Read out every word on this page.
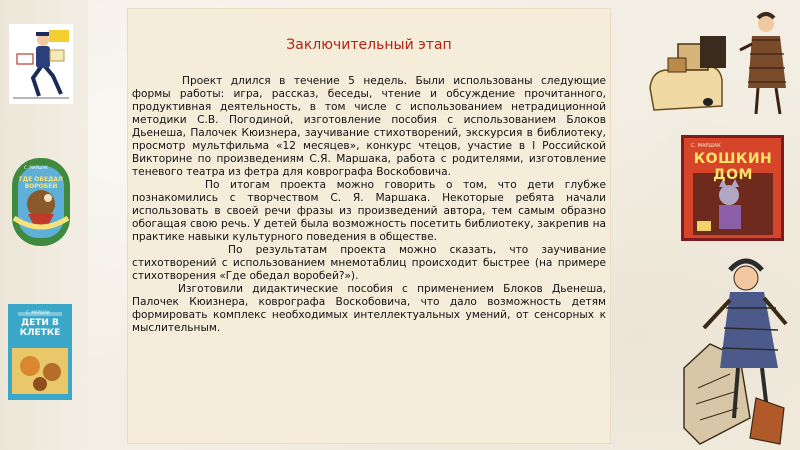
С. МАРШАК
ГДЕ ОБЕДАЛ ВОРОБЕЙ
С. МАРШАК
ДЕТИ В КЛЕТКЕ
С. МАРШАК
КОШКИН ДОМ
Заключительный этап

Проект длился в течение 5 недель. Были использованы следующие формы работы: игра, рассказ, беседы, чтение и обсуждение прочитанного, продуктивная деятельность, в том числе с использованием нетрадиционной методики С.В. Погодиной, изготовление пособия с использованием Блоков Дьенеша, Палочек Кюизнера, заучивание стихотворений, экскурсия в библиотеку, просмотр мультфильма «12 месяцев», конкурс чтецов, участие в I Российской Викторине по произведениям С.Я. Маршака, работа с родителями, изготовление теневого театра из фетра для коврографа Воскобовича.

По итогам проекта можно говорить о том, что дети глубже познакомились с творчеством С. Я. Маршака. Некоторые ребята начали использовать в своей речи фразы из произведений автора, тем самым образно обогащая свою речь. У детей была возможность посетить библиотеку, закрепив на практике навыки культурного поведения в обществе.

По результатам проекта можно сказать, что заучивание стихотворений с использованием мнемотаблиц происходит быстрее (на примере стихотворения «Где обедал воробей?»).

Изготовили дидактические пособия с применением Блоков Дьенеша, Палочек Кюизнера, коврографа Воскобовича, что дало возможность детям формировать комплекс необходимых интеллектуальных умений, от сенсорных к мыслительным.
